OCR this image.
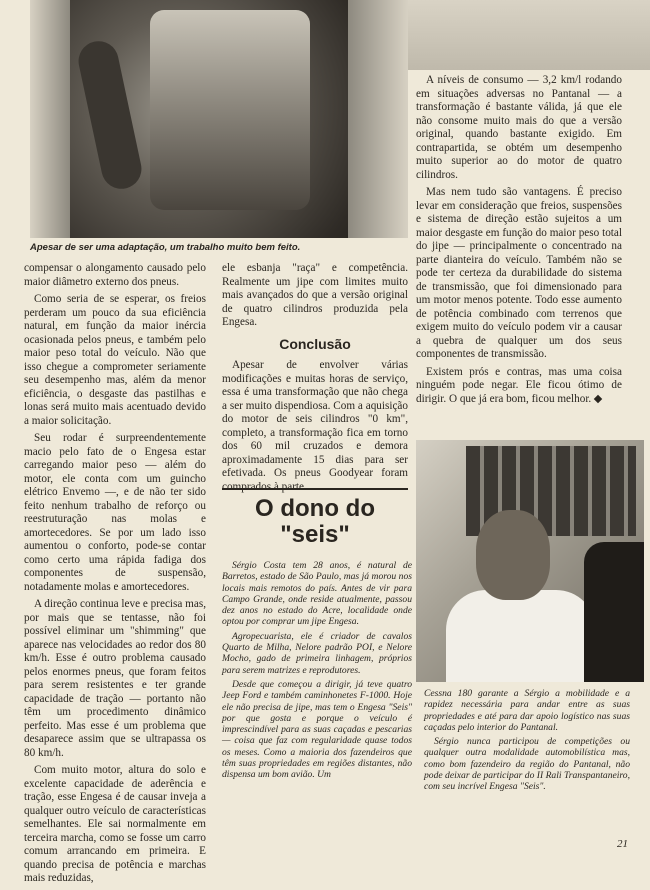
Apesar de ser uma adaptação, um trabalho muito bem feito.

compensar o alongamento causado pelo maior diâmetro externo dos pneus.

Como seria de se esperar, os freios perderam um pouco da sua eficiência natural, em função da maior inércia ocasionada pelos pneus, e também pelo maior peso total do veículo. Não que isso chegue a comprometer seriamente seu desempenho mas, além da menor eficiência, o desgaste das pastilhas e lonas será muito mais acentuado devido a maior solicitação.

Seu rodar é surpreendentemente macio pelo fato de o Engesa estar carregando maior peso — além do motor, ele conta com um guincho elétrico Envemo —, e de não ter sido feito nenhum trabalho de reforço ou reestruturação nas molas e amortecedores. Se por um lado isso aumentou o conforto, pode-se contar como certo uma rápida fadiga dos componentes de suspensão, notadamente molas e amortecedores.

A direção continua leve e precisa mas, por mais que se tentasse, não foi possível eliminar um "shimming" que aparece nas velocidades ao redor dos 80 km/h. Esse é outro problema causado pelos enormes pneus, que foram feitos para serem resistentes e ter grande capacidade de tração — portanto não têm um procedimento dinâmico perfeito. Mas esse é um problema que desaparece assim que se ultrapassa os 80 km/h.

Com muito motor, altura do solo e excelente capacidade de aderência e tração, esse Engesa é de causar inveja a qualquer outro veículo de características semelhantes. Ele sai normalmente em terceira marcha, como se fosse um carro comum arrancando em primeira. E quando precisa de potência e marchas mais reduzidas,

ele esbanja "raça" e competência. Realmente um jipe com limites muito mais avançados do que a versão original de quatro cilindros produzida pela Engesa.

Conclusão

Apesar de envolver várias modificações e muitas horas de serviço, essa é uma transformação que não chega a ser muito dispendiosa. Com a aquisição do motor de seis cilindros "0 km", completo, a transformação fica em torno dos 60 mil cruzados e demora aproximadamente 15 dias para ser efetivada. Os pneus Goodyear foram comprados à parte.

A níveis de consumo — 3,2 km/l rodando em situações adversas no Pantanal — a transformação é bastante válida, já que ele não consome muito mais do que a versão original, quando bastante exigido. Em contrapartida, se obtém um desempenho muito superior ao do motor de quatro cilindros.

Mas nem tudo são vantagens. É preciso levar em consideração que freios, suspensões e sistema de direção estão sujeitos a um maior desgaste em função do maior peso total do jipe — principalmente o concentrado na parte dianteira do veículo. Também não se pode ter certeza da durabilidade do sistema de transmissão, que foi dimensionado para um motor menos potente. Todo esse aumento de potência combinado com terrenos que exigem muito do veículo podem vir a causar a quebra de qualquer um dos seus componentes de transmissão.

Existem prós e contras, mas uma coisa ninguém pode negar. Ele ficou ótimo de dirigir. O que já era bom, ficou melhor.

O dono do
"seis"

Sérgio Costa tem 28 anos, é natural de Barretos, estado de São Paulo, mas já morou nos locais mais remotos do país. Antes de vir para Campo Grande, onde reside atualmente, passou dez anos no estado do Acre, localidade onde optou por comprar um jipe Engesa.

Agropecuarista, ele é criador de cavalos Quarto de Milha, Nelore padrão POI, e Nelore Mocho, gado de primeira linhagem, próprios para serem matrizes e reprodutores.

Desde que começou a dirigir, já teve quatro Jeep Ford e também caminhonetes F-1000. Hoje ele não precisa de jipe, mas tem o Engesa "Seis" por que gosta e porque o veículo é imprescindível para as suas caçadas e pescarias — coisa que faz com regularidade quase todos os meses. Como a maioria dos fazendeiros que têm suas propriedades em regiões distantes, não dispensa um bom avião. Um

Cessna 180 garante a Sérgio a mobilidade e a rapidez necessária para andar entre as suas propriedades e até para dar apoio logístico nas suas caçadas pelo interior do Pantanal.

Sérgio nunca participou de competições ou qualquer outra modalidade automobilística mas, como bom fazendeiro da região do Pantanal, não pode deixar de participar do II Rali Transpantaneiro, com seu incrível Engesa "Seis".

21
